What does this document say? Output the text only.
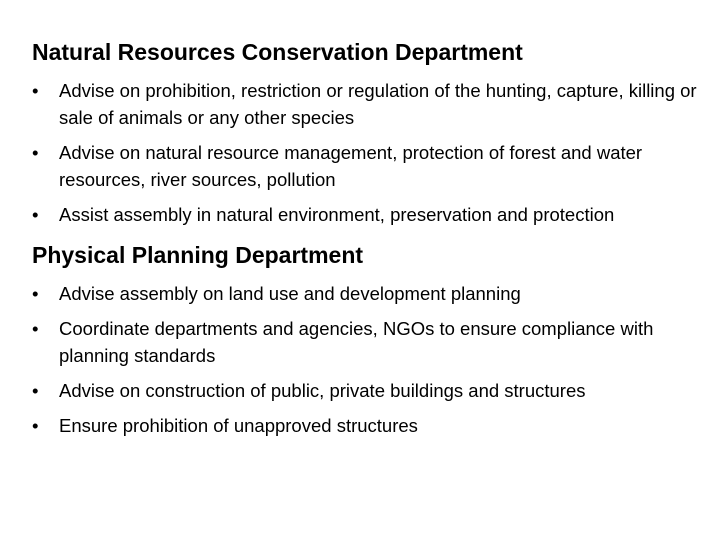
Natural Resources Conservation Department
•	Advise on prohibition, restriction or regulation of the hunting, capture, killing or sale of animals or any other species
•	Advise on natural resource management, protection of forest and water resources, river sources, pollution
•	Assist assembly in natural environment, preservation and protection
Physical Planning Department
•	Advise assembly on land use and development planning
•	Coordinate departments and agencies, NGOs to ensure compliance with planning standards
•	Advise on construction of public, private buildings and structures
•	Ensure prohibition of unapproved structures
